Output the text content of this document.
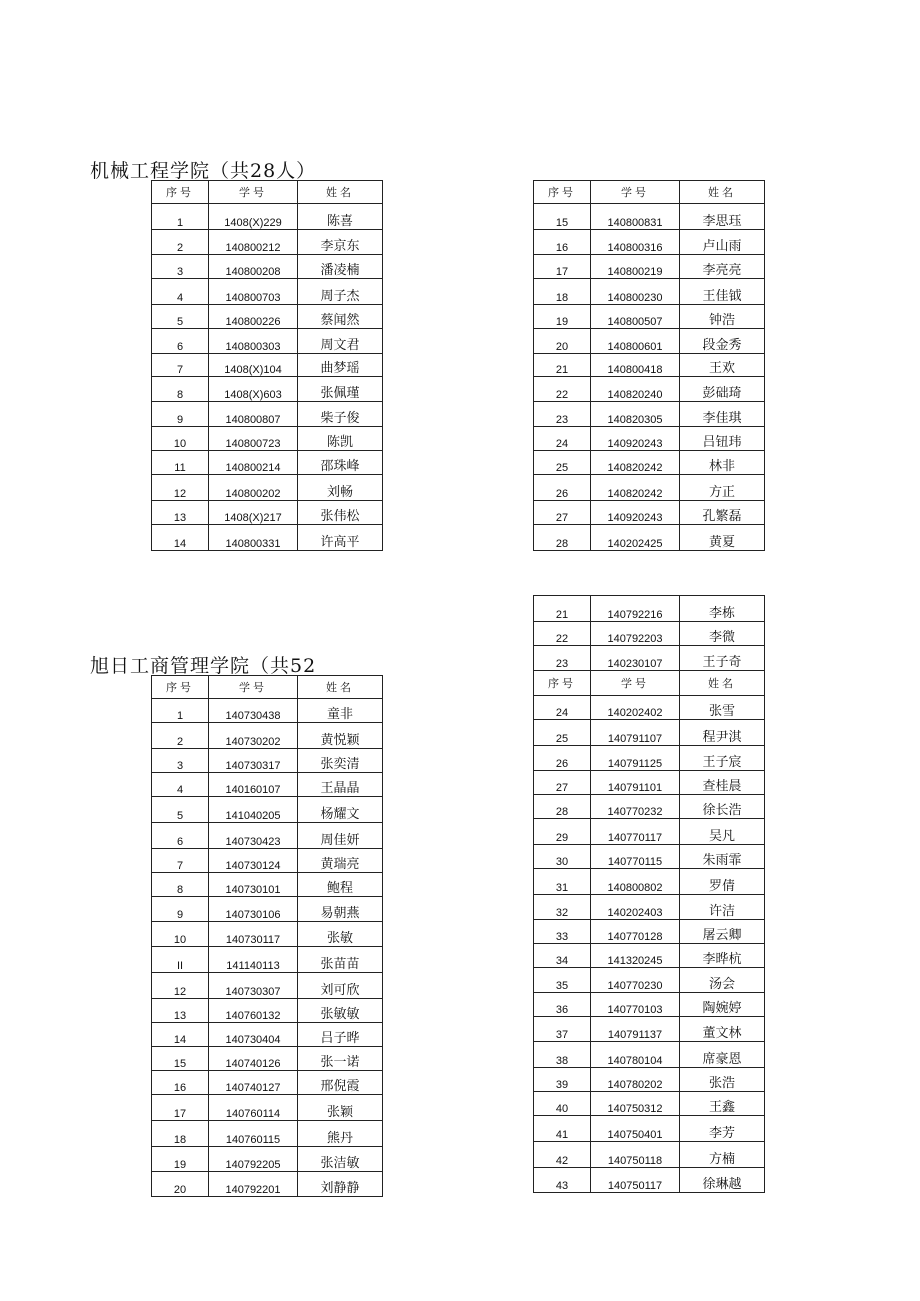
机械工程学院（共28人）
序号	学号	姓名
1	1408(X)229	陈喜
2	140800212	李京东
3	140800208	潘凌楠
4	140800703	周子杰
5	140800226	蔡闻然
6	140800303	周文君
7	1408(X)104	曲梦瑶
8	1408(X)603	张佩瑾
9	140800807	柴子俊
10	140800723	陈凯
11	140800214	邵珠峰
12	140800202	刘畅
13	1408(X)217	张伟松
14	140800331	许高平
序号	学号	姓名
15	140800831	李思珏
16	140800316	卢山雨
17	140800219	李亮亮
18	140800230	王佳钺
19	140800507	钟浩
20	140800601	段金秀
21	140800418	王欢
22	140820240	彭础琦
23	140820305	李佳琪
24	140920243	吕钮玮
25	140820242	林非
26	140820242	方正
27	140920243	孔繁磊
28	140202425	黄夏
旭日工商管理学院（共52
序号	学号	姓名
1	140730438	童非
2	140730202	黄悦颖
3	140730317	张奕清
4	140160107	王晶晶
5	141040205	杨耀文
6	140730423	周佳妍
7	140730124	黄瑞亮
8	140730101	鲍程
9	140730106	易朝燕
10	140730117	张敏
II	141140113	张苗苗
12	140730307	刘可欣
13	140760132	张敏敏
14	140730404	吕子晔
15	140740126	张一诺
16	140740127	邢倪霞
17	140760114	张颖
18	140760115	熊丹
19	140792205	张洁敏
20	140792201	刘静静
21	140792216	李栋
22	140792203	李微
23	140230107	王子奇
序号	学号	姓名
24	140202402	张雪
25	140791107	程尹淇
26	140791125	王子宸
27	140791101	查桂晨
28	140770232	徐长浩
29	140770117	吴凡
30	140770115	朱雨霏
31	140800802	罗倩
32	140202403	许洁
33	140770128	屠云卿
34	141320245	李晔杭
35	140770230	汤会
36	140770103	陶婉婷
37	140791137	董文林
38	140780104	席豪恩
39	140780202	张浩
40	140750312	王鑫
41	140750401	李芳
42	140750118	方楠
43	140750117	徐琳越
